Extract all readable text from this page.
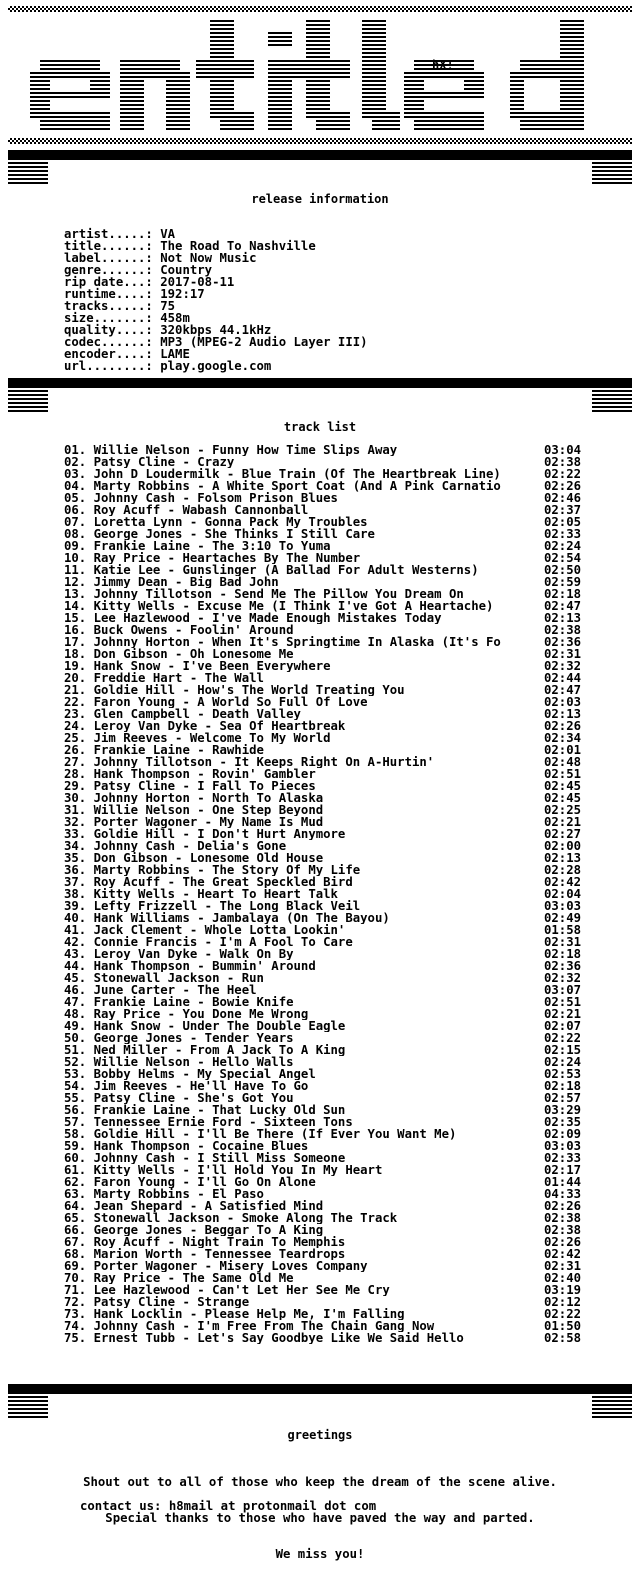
hX!
release information
artist.....: VA
title......: The Road To Nashville
label......: Not Now Music
genre......: Country
rip date...: 2017-08-11
runtime....: 192:17
tracks.....: 75
size.......: 458m
quality....: 320kbps 44.1kHz
codec......: MP3 (MPEG-2 Audio Layer III)
encoder....: LAME
url........: play.google.com
track list
01. Willie Nelson - Funny How Time Slips Away	03:04
02. Patsy Cline - Crazy	02:38
03. John D Loudermilk - Blue Train (Of The Heartbreak Line)	02:22
04. Marty Robbins - A White Sport Coat (And A Pink Carnatio	02:26
05. Johnny Cash - Folsom Prison Blues	02:46
06. Roy Acuff - Wabash Cannonball	02:37
07. Loretta Lynn - Gonna Pack My Troubles	02:05
08. George Jones - She Thinks I Still Care	02:33
09. Frankie Laine - The 3:10 To Yuma	02:24
10. Ray Price - Heartaches By The Number	02:54
11. Katie Lee - Gunslinger (A Ballad For Adult Westerns)	02:50
12. Jimmy Dean - Big Bad John	02:59
13. Johnny Tillotson - Send Me The Pillow You Dream On	02:18
14. Kitty Wells - Excuse Me (I Think I've Got A Heartache)	02:47
15. Lee Hazlewood - I've Made Enough Mistakes Today	02:13
16. Buck Owens - Foolin' Around	02:38
17. Johnny Horton - When It's Springtime In Alaska (It's Fo	02:36
18. Don Gibson - Oh Lonesome Me	02:31
19. Hank Snow - I've Been Everywhere	02:32
20. Freddie Hart - The Wall	02:44
21. Goldie Hill - How's The World Treating You	02:47
22. Faron Young - A World So Full Of Love	02:03
23. Glen Campbell - Death Valley	02:13
24. Leroy Van Dyke - Sea Of Heartbreak	02:26
25. Jim Reeves - Welcome To My World	02:34
26. Frankie Laine - Rawhide	02:01
27. Johnny Tillotson - It Keeps Right On A-Hurtin'	02:48
28. Hank Thompson - Rovin' Gambler	02:51
29. Patsy Cline - I Fall To Pieces	02:45
30. Johnny Horton - North To Alaska	02:45
31. Willie Nelson - One Step Beyond	02:25
32. Porter Wagoner - My Name Is Mud	02:21
33. Goldie Hill - I Don't Hurt Anymore	02:27
34. Johnny Cash - Delia's Gone	02:00
35. Don Gibson - Lonesome Old House	02:13
36. Marty Robbins - The Story Of My Life	02:28
37. Roy Acuff - The Great Speckled Bird	02:42
38. Kitty Wells - Heart To Heart Talk	02:04
39. Lefty Frizzell - The Long Black Veil	03:03
40. Hank Williams - Jambalaya (On The Bayou)	02:49
41. Jack Clement - Whole Lotta Lookin'	01:58
42. Connie Francis - I'm A Fool To Care	02:31
43. Leroy Van Dyke - Walk On By	02:18
44. Hank Thompson - Bummin' Around	02:36
45. Stonewall Jackson - Run	02:32
46. June Carter - The Heel	03:07
47. Frankie Laine - Bowie Knife	02:51
48. Ray Price - You Done Me Wrong	02:21
49. Hank Snow - Under The Double Eagle	02:07
50. George Jones - Tender Years	02:22
51. Ned Miller - From A Jack To A King	02:15
52. Willie Nelson - Hello Walls	02:24
53. Bobby Helms - My Special Angel	02:53
54. Jim Reeves - He'll Have To Go	02:18
55. Patsy Cline - She's Got You	02:57
56. Frankie Laine - That Lucky Old Sun	03:29
57. Tennessee Ernie Ford - Sixteen Tons	02:35
58. Goldie Hill - I'll Be There (If Ever You Want Me)	02:09
59. Hank Thompson - Cocaine Blues	03:03
60. Johnny Cash - I Still Miss Someone	02:33
61. Kitty Wells - I'll Hold You In My Heart	02:17
62. Faron Young - I'll Go On Alone	01:44
63. Marty Robbins - El Paso	04:33
64. Jean Shepard - A Satisfied Mind	02:26
65. Stonewall Jackson - Smoke Along The Track	02:38
66. George Jones - Beggar To A King	02:38
67. Roy Acuff - Night Train To Memphis	02:26
68. Marion Worth - Tennessee Teardrops	02:42
69. Porter Wagoner - Misery Loves Company	02:31
70. Ray Price - The Same Old Me	02:40
71. Lee Hazlewood - Can't Let Her See Me Cry	03:19
72. Patsy Cline - Strange	02:12
73. Hank Locklin - Please Help Me, I'm Falling	02:22
74. Johnny Cash - I'm Free From The Chain Gang Now	01:50
75. Ernest Tubb - Let's Say Goodbye Like We Said Hello	02:58
greetings

Shout out to all of those who keep the dream of the scene alive.

Special thanks to those who have paved the way and parted.

We miss you!

contact us: h8mail at protonmail dot com
